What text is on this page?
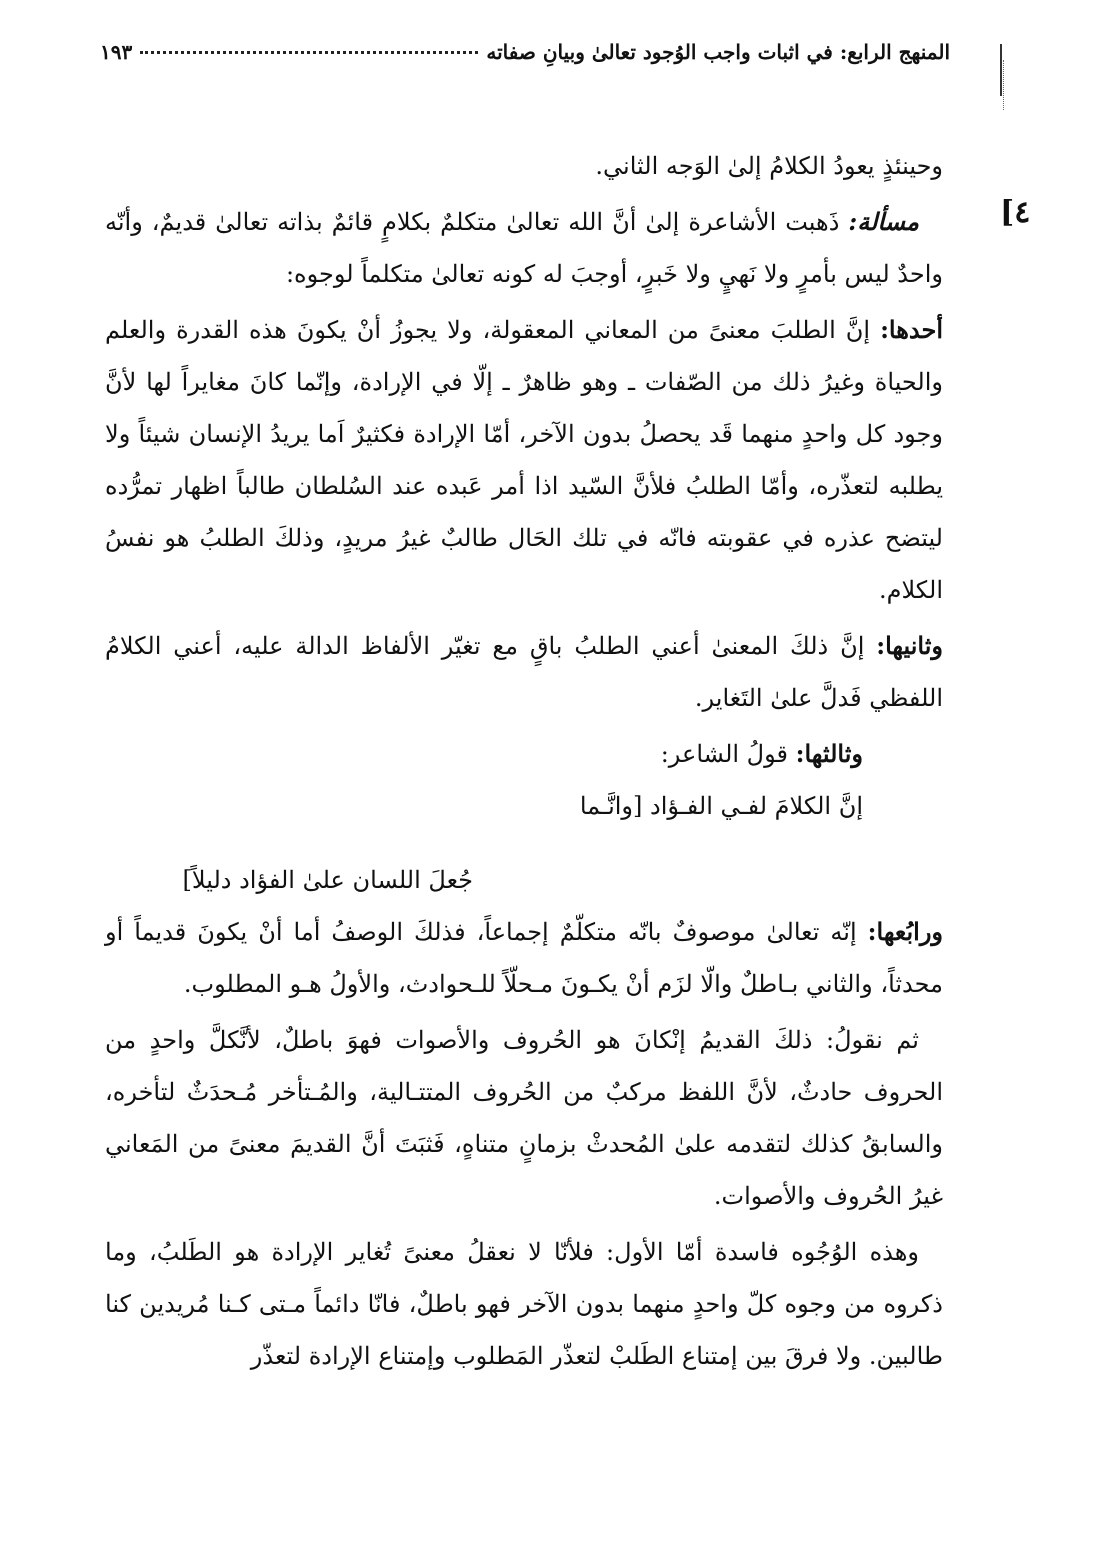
المنهج الرابع: في اثبات واجب الوُجود تعالىٰ وبيانِ صفاته
١٩٣
[٤

وحينئذٍ يعودُ الكلامُ إلىٰ الوَجه الثاني.

مسألة: ذَهبت الأشاعرة إلىٰ أنَّ الله تعالىٰ متكلمٌ بكلامٍ قائمٌ بذاته تعالىٰ قديمٌ، وأنّه واحدٌ ليس بأمرٍ ولا نَهيٍ ولا خَبرٍ، أوجبَ له كونه تعالىٰ متكلماً لوجوه:

أحدها: إنَّ الطلبَ معنىً من المعاني المعقولة، ولا يجوزُ أنْ يكونَ هذه القدرة والعلم والحياة وغيرُ ذلك من الصّفات ـ وهو ظاهرٌ ـ إلّا في الإرادة، وإنّما كانَ مغايراً لها لأنَّ وجود كل واحدٍ منهما قَد يحصلُ بدون الآخر، أمّا الإرادة فكثيرٌ اَما يريدُ الإنسان شيئاً ولا يطلبه لتعذّره، وأمّا الطلبُ فلأنَّ السّيد اذا أمر عَبده عند السُلطان طالباً اظهار تمرُّده ليتضح عذره في عقوبته فانّه في تلك الحَال طالبٌ غيرُ مريدٍ، وذلكَ الطلبُ هو نفسُ الكلام.

وثانيها: إنَّ ذلكَ المعنىٰ أعني الطلبُ باقٍ مع تغيّر الألفاظ الدالة عليه، أعني الكلامُ اللفظي فَدلَّ علىٰ التَغاير.

وثالثها: قولُ الشاعر:

إنَّ الكلامَ لفـي الفـؤاد [وانَّـما
جُعلَ اللسان علىٰ الفؤاد دليلاً]

ورابُعها: إنّه تعالىٰ موصوفٌ بانّه متكلّمٌ إجماعاً، فذلكَ الوصفُ أما أنْ يكونَ قديماً أو محدثاً، والثاني بـاطلٌ والّا لزَم أنْ يكـونَ مـحلّاً للـحوادث، والأولُ هـو المطلوب.

ثم نقولُ: ذلكَ القديمُ إنْكانَ هو الحُروف والأصوات فهوَ باطلٌ، لأنَّكلَّ واحدٍ من الحروف حادثٌ، لأنَّ اللفظ مركبٌ من الحُروف المتتـالية، والمُـتأخر مُـحدَثٌ لتأخره، والسابقُ كذلك لتقدمه علىٰ المُحدثْ بزمانٍ متناهٍ، فَثبَتَ أنَّ القديمَ معنىً من المَعاني غيرُ الحُروف والأصوات.

وهذه الوُجُوه فاسدة أمّا الأول: فلأنّا لا نعقلُ معنىً تُغاير الإرادة هو الطَلبُ، وما ذكروه من وجوه كلّ واحدٍ منهما بدون الآخر فهو باطلٌ، فانّا دائماً مـتى كـنا مُريدين كنا طالبين. ولا فرقَ بين إمتناع الطَلبْ لتعذّر المَطلوب وإمتناع الإرادة لتعذّر
